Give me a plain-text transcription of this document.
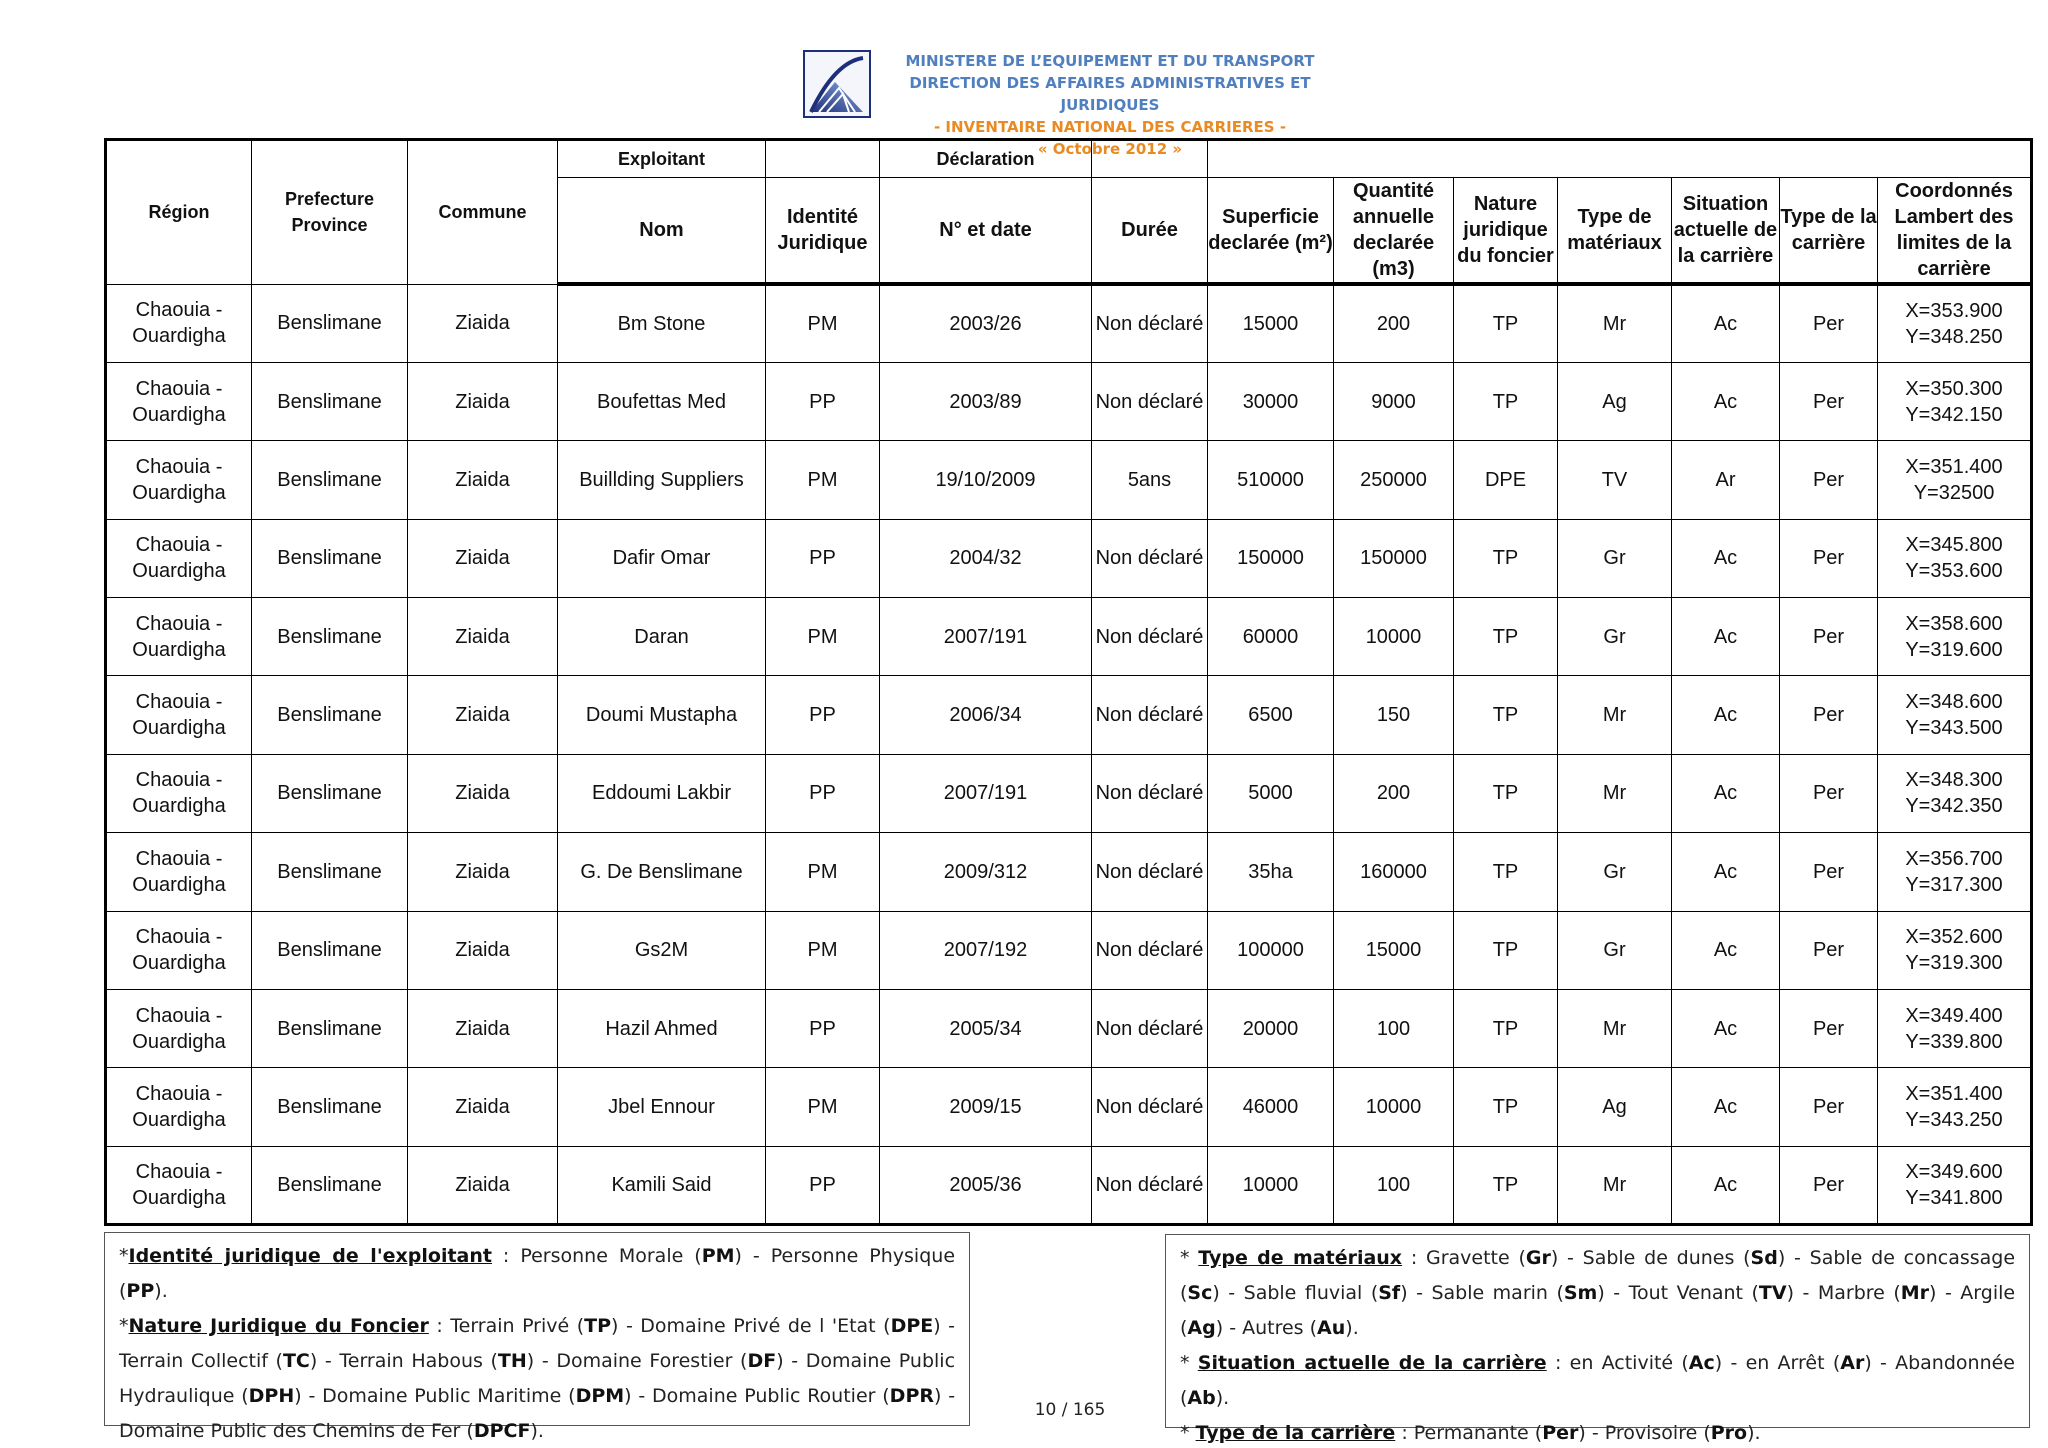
MINISTERE DE L’EQUIPEMENT ET DU TRANSPORT
DIRECTION DES AFFAIRES ADMINISTRATIVES ET JURIDIQUES
- INVENTAIRE NATIONAL DES CARRIERES -
« Octobre 2012 »
Région	Prefecture Province	Commune	Exploitant		Déclaration								
			Nom	Identité Juridique	N° et date	Durée	Superficie declarée (m²)	Quantité annuelle declarée (m3)	Nature juridique du foncier	Type de matériaux	Situation actuelle de la carrière	Type de la carrière	Coordonnés Lambert des limites de la carrière
Chaouia - Ouardigha	Benslimane	Ziaida	Bm Stone	PM	2003/26	Non déclaré	15000	200	TP	Mr	Ac	Per	X=353.900
Y=348.250

Chaouia - Ouardigha	Benslimane	Ziaida	Boufettas Med	PP	2003/89	Non déclaré	30000	9000	TP	Ag	Ac	Per	X=350.300
Y=342.150

Chaouia - Ouardigha	Benslimane	Ziaida	Buillding Suppliers	PM	19/10/2009	5ans	510000	250000	DPE	TV	Ar	Per	X=351.400
Y=32500

Chaouia - Ouardigha	Benslimane	Ziaida	Dafir Omar	PP	2004/32	Non déclaré	150000	150000	TP	Gr	Ac	Per	X=345.800
Y=353.600

Chaouia - Ouardigha	Benslimane	Ziaida	Daran	PM	2007/191	Non déclaré	60000	10000	TP	Gr	Ac	Per	X=358.600
Y=319.600

Chaouia - Ouardigha	Benslimane	Ziaida	Doumi Mustapha	PP	2006/34	Non déclaré	6500	150	TP	Mr	Ac	Per	X=348.600
Y=343.500

Chaouia - Ouardigha	Benslimane	Ziaida	Eddoumi Lakbir	PP	2007/191	Non déclaré	5000	200	TP	Mr	Ac	Per	X=348.300
Y=342.350

Chaouia - Ouardigha	Benslimane	Ziaida	G. De Benslimane	PM	2009/312	Non déclaré	35ha	160000	TP	Gr	Ac	Per	X=356.700
Y=317.300

Chaouia - Ouardigha	Benslimane	Ziaida	Gs2M	PM	2007/192	Non déclaré	100000	15000	TP	Gr	Ac	Per	X=352.600
Y=319.300

Chaouia - Ouardigha	Benslimane	Ziaida	Hazil Ahmed	PP	2005/34	Non déclaré	20000	100	TP	Mr	Ac	Per	X=349.400
Y=339.800

Chaouia - Ouardigha	Benslimane	Ziaida	Jbel Ennour	PM	2009/15	Non déclaré	46000	10000	TP	Ag	Ac	Per	X=351.400
Y=343.250

Chaouia - Ouardigha	Benslimane	Ziaida	Kamili Said	PP	2005/36	Non déclaré	10000	100	TP	Mr	Ac	Per	X=349.600
Y=341.800
*Identité juridique de l'exploitant : Personne Morale (PM) - Personne Physique (PP).
*Nature Juridique du Foncier : Terrain Privé (TP) - Domaine Privé de l 'Etat (DPE) - Terrain Collectif (TC) - Terrain Habous (TH) - Domaine Forestier (DF) - Domaine Public Hydraulique (DPH) - Domaine Public Maritime (DPM) - Domaine Public Routier (DPR) - Domaine Public des Chemins de Fer (DPCF).
* Type de matériaux : Gravette (Gr) - Sable de dunes (Sd) - Sable de concassage (Sc) - Sable fluvial (Sf) - Sable marin (Sm) - Tout Venant (TV) - Marbre (Mr) - Argile (Ag) - Autres (Au).
* Situation actuelle de la carrière : en Activité (Ac) - en Arrêt (Ar) - Abandonnée (Ab).
* Type de la carrière : Permanante (Per) - Provisoire (Pro).
10 / 165
